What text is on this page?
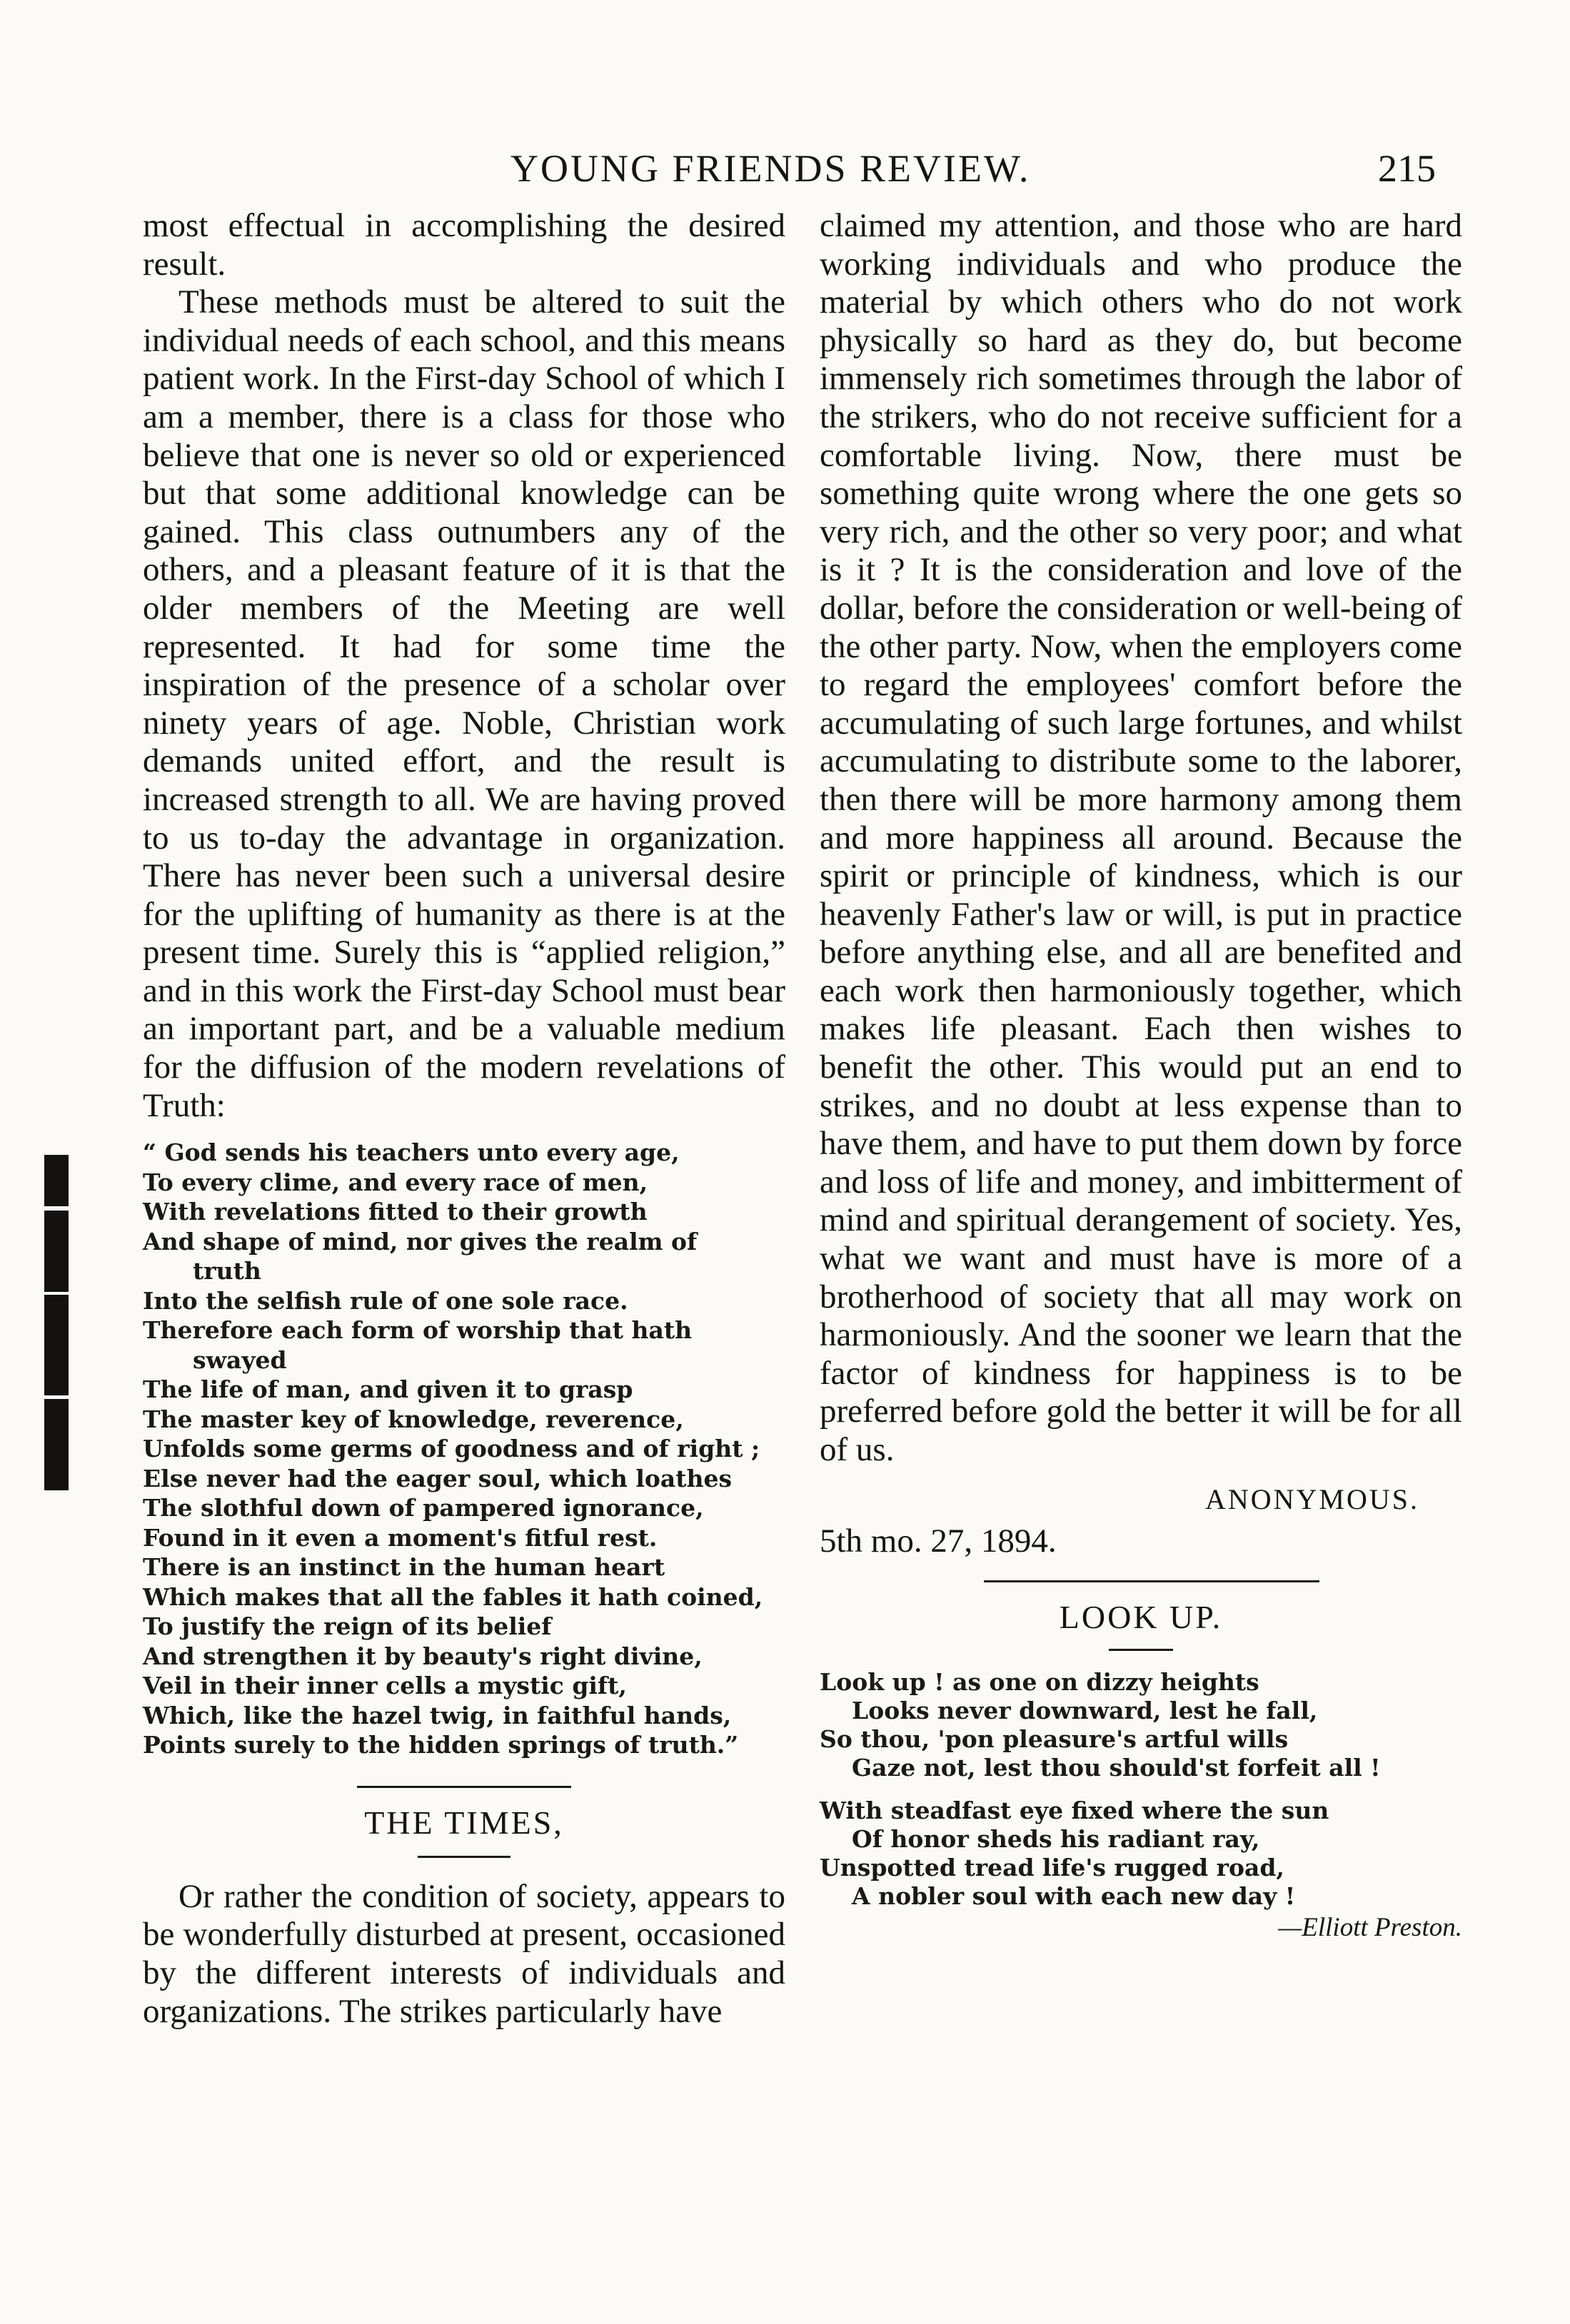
YOUNG FRIENDS REVIEW.	215

most effectual in accomplishing the desired result.

These methods must be altered to suit the individual needs of each school, and this means patient work. In the First-day School of which I am a member, there is a class for those who believe that one is never so old or experienced but that some additional knowledge can be gained. This class outnumbers any of the others, and a pleasant feature of it is that the older members of the Meeting are well represented. It had for some time the inspiration of the presence of a scholar over ninety years of age. Noble, Christian work demands united effort, and the result is increased strength to all. We are having proved to us to-day the advantage in organization. There has never been such a universal desire for the uplifting of humanity as there is at the present time. Surely this is “applied religion,” and in this work the First-day School must bear an important part, and be a valuable medium for the diffusion of the modern revelations of Truth:

“ God sends his teachers unto every age,

To every clime, and every race of men,

With revelations fitted to their growth

And shape of mind, nor gives the realm of

truth

Into the selfish rule of one sole race.

Therefore each form of worship that hath

swayed

The life of man, and given it to grasp

The master key of knowledge, reverence,

Unfolds some germs of goodness and of right ;

Else never had the eager soul, which loathes

The slothful down of pampered ignorance,

Found in it even a moment's fitful rest.

There is an instinct in the human heart

Which makes that all the fables it hath coined,

To justify the reign of its belief

And strengthen it by beauty's right divine,

Veil in their inner cells a mystic gift,

Which, like the hazel twig, in faithful hands,

Points surely to the hidden springs of truth.”

THE TIMES,

Or rather the condition of society, appears to be wonderfully disturbed at present, occasioned by the different interests of individuals and organizations. The strikes particularly have

claimed my attention, and those who are hard working individuals and who produce the material by which others who do not work physically so hard as they do, but become immensely rich sometimes through the labor of the strikers, who do not receive sufficient for a comfortable living. Now, there must be something quite wrong where the one gets so very rich, and the other so very poor; and what is it ? It is the consideration and love of the dollar, before the consideration or well-being of the other party. Now, when the employers come to regard the employees' comfort before the accumulating of such large fortunes, and whilst accumulating to distribute some to the laborer, then there will be more harmony among them and more happiness all around. Because the spirit or principle of kindness, which is our heavenly Father's law or will, is put in practice before anything else, and all are benefited and each work then harmoniously together, which makes life pleasant. Each then wishes to benefit the other. This would put an end to strikes, and no doubt at less expense than to have them, and have to put them down by force and loss of life and money, and imbitterment of mind and spiritual derangement of society. Yes, what we want and must have is more of a brotherhood of society that all may work on harmoniously. And the sooner we learn that the factor of kindness for happiness is to be preferred before gold the better it will be for all of us.

ANONYMOUS.

5th mo. 27, 1894.

LOOK UP.

Look up ! as one on dizzy heights

Looks never downward, lest he fall,

So thou, 'pon pleasure's artful wills

Gaze not, lest thou should'st forfeit all !

With steadfast eye fixed where the sun

Of honor sheds his radiant ray,

Unspotted tread life's rugged road,

A nobler soul with each new day !

—Elliott Preston.
